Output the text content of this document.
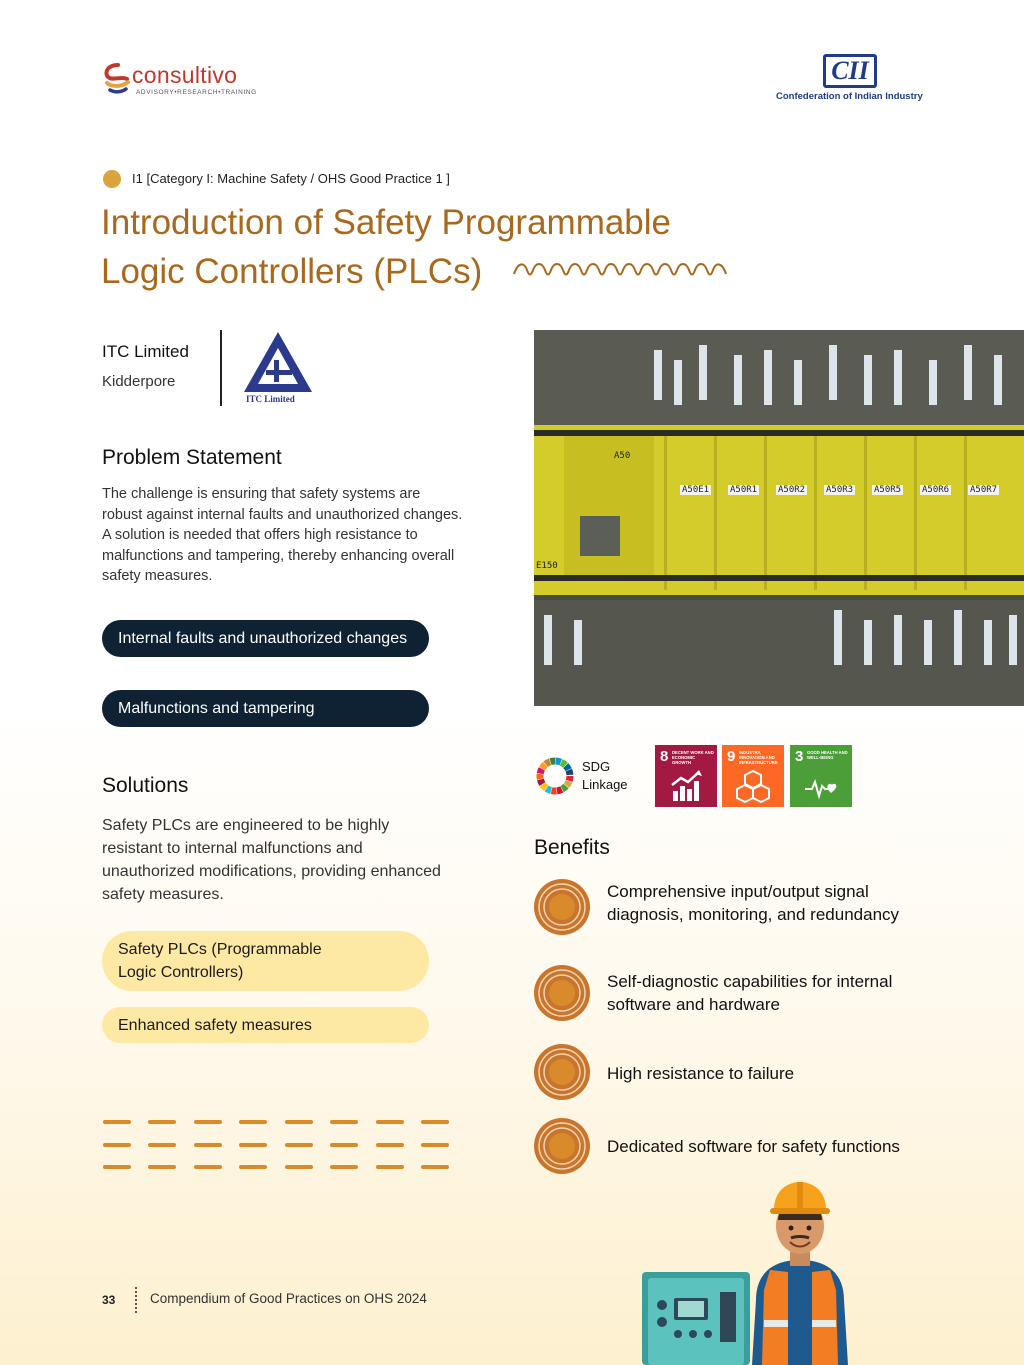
consultivo
ADVISORY•RESEARCH•TRAINING
CII
Confederation of Indian Industry
I1 [Category I: Machine Safety / OHS Good Practice 1 ]
Introduction of Safety Programmable
Logic Controllers (PLCs)
ITC Limited
Kidderpore
ITC Limited
Problem Statement
The challenge is ensuring that safety systems are robust against internal faults and unauthorized changes. A solution is needed that offers high resistance to malfunctions and tampering, thereby enhancing overall safety measures.
Internal faults and unauthorized changes
Malfunctions and tampering
Solutions
Safety PLCs are engineered to be highly resistant to internal malfunctions and unauthorized modifications, providing enhanced safety measures.
Safety PLCs (Programmable Logic Controllers)
Enhanced safety measures
A50
E150
A50E1 A50R1 A50R2 A50R3 A50R5 A50R6 A50R7
SDG
Linkage
8 DECENT WORK AND ECONOMIC GROWTH	9 INDUSTRY, INNOVATION AND INFRASTRUCTURE 3 GOOD HEALTH AND WELL-BEING
Benefits
Comprehensive input/output signal diagnosis, monitoring, and redundancy
Self-diagnostic capabilities for internal software and hardware
High resistance to failure
Dedicated software for safety functions
33	Compendium of Good Practices on OHS 2024
